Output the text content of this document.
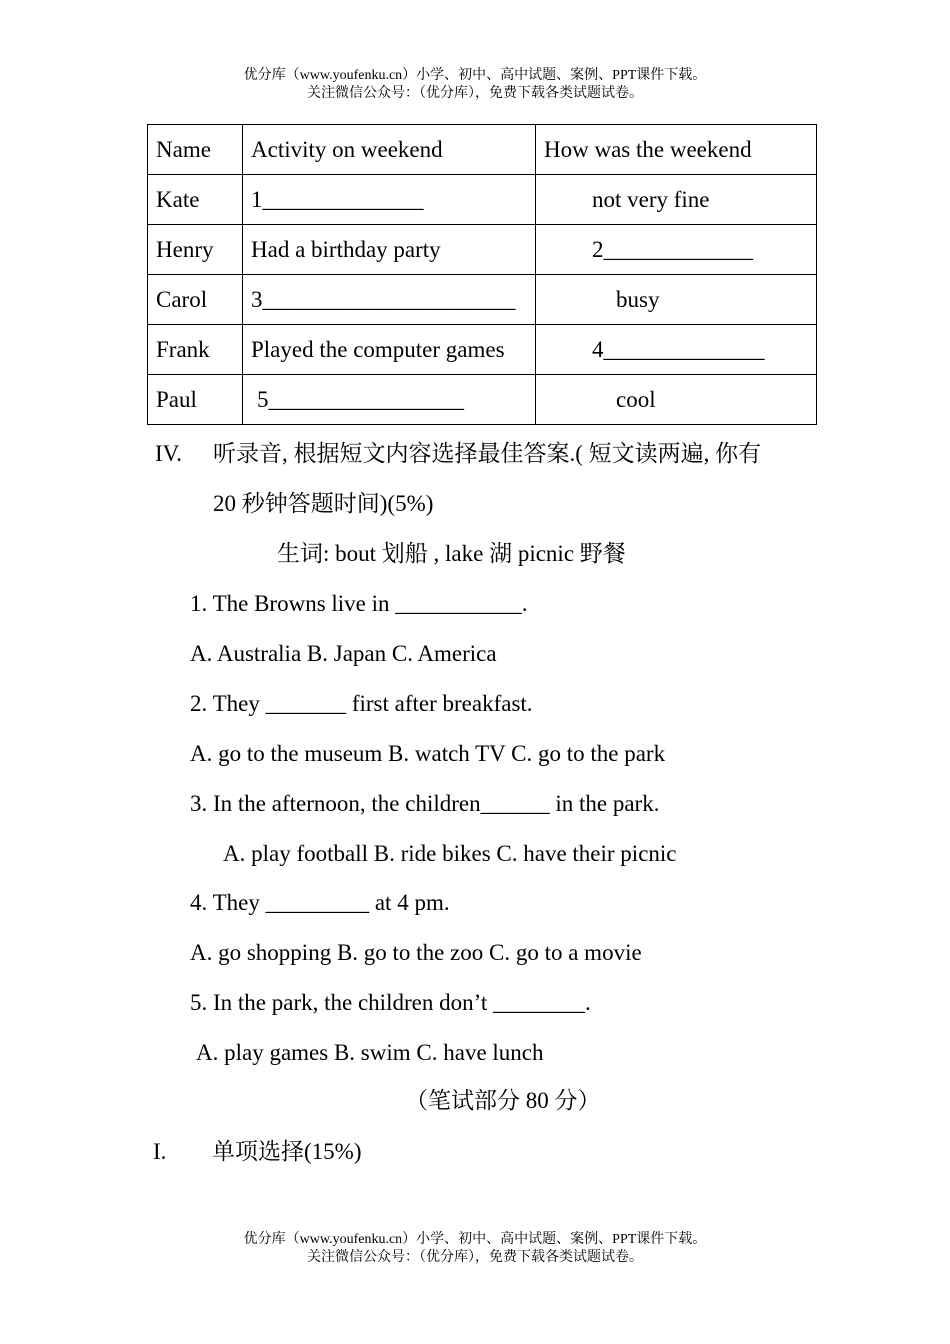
优分库（www.youfenku.cn）小学、初中、高中试题、案例、PPT课件下载。
关注微信公众号：（优分库），免费下载各类试题试卷。
Name	Activity on weekend	How was the weekend
Kate	1______________	not very fine
Henry	Had a birthday party	2_____________
Carol	3______________________	busy
Frank	Played the computer games	4______________
Paul	5_________________	cool
IV. 听录音, 根据短文内容选择最佳答案.( 短文读两遍, 你有
20 秒钟答题时间)(5%)
生词: bout 划船 , lake 湖 picnic 野餐
1. The Browns live in ___________.
A. Australia B. Japan C. America
2. They _______ first after breakfast.
A. go to the museum B. watch TV C. go to the park
3. In the afternoon, the children______ in the park.
A. play football B. ride bikes C. have their picnic
4. They _________ at 4 pm.
A. go shopping B. go to the zoo C. go to a movie
5. In the park, the children don’t ________.
A. play games B. swim C. have lunch
（笔试部分 80 分）
I. 单项选择(15%)
优分库（www.youfenku.cn）小学、初中、高中试题、案例、PPT课件下载。
关注微信公众号：（优分库），免费下载各类试题试卷。
